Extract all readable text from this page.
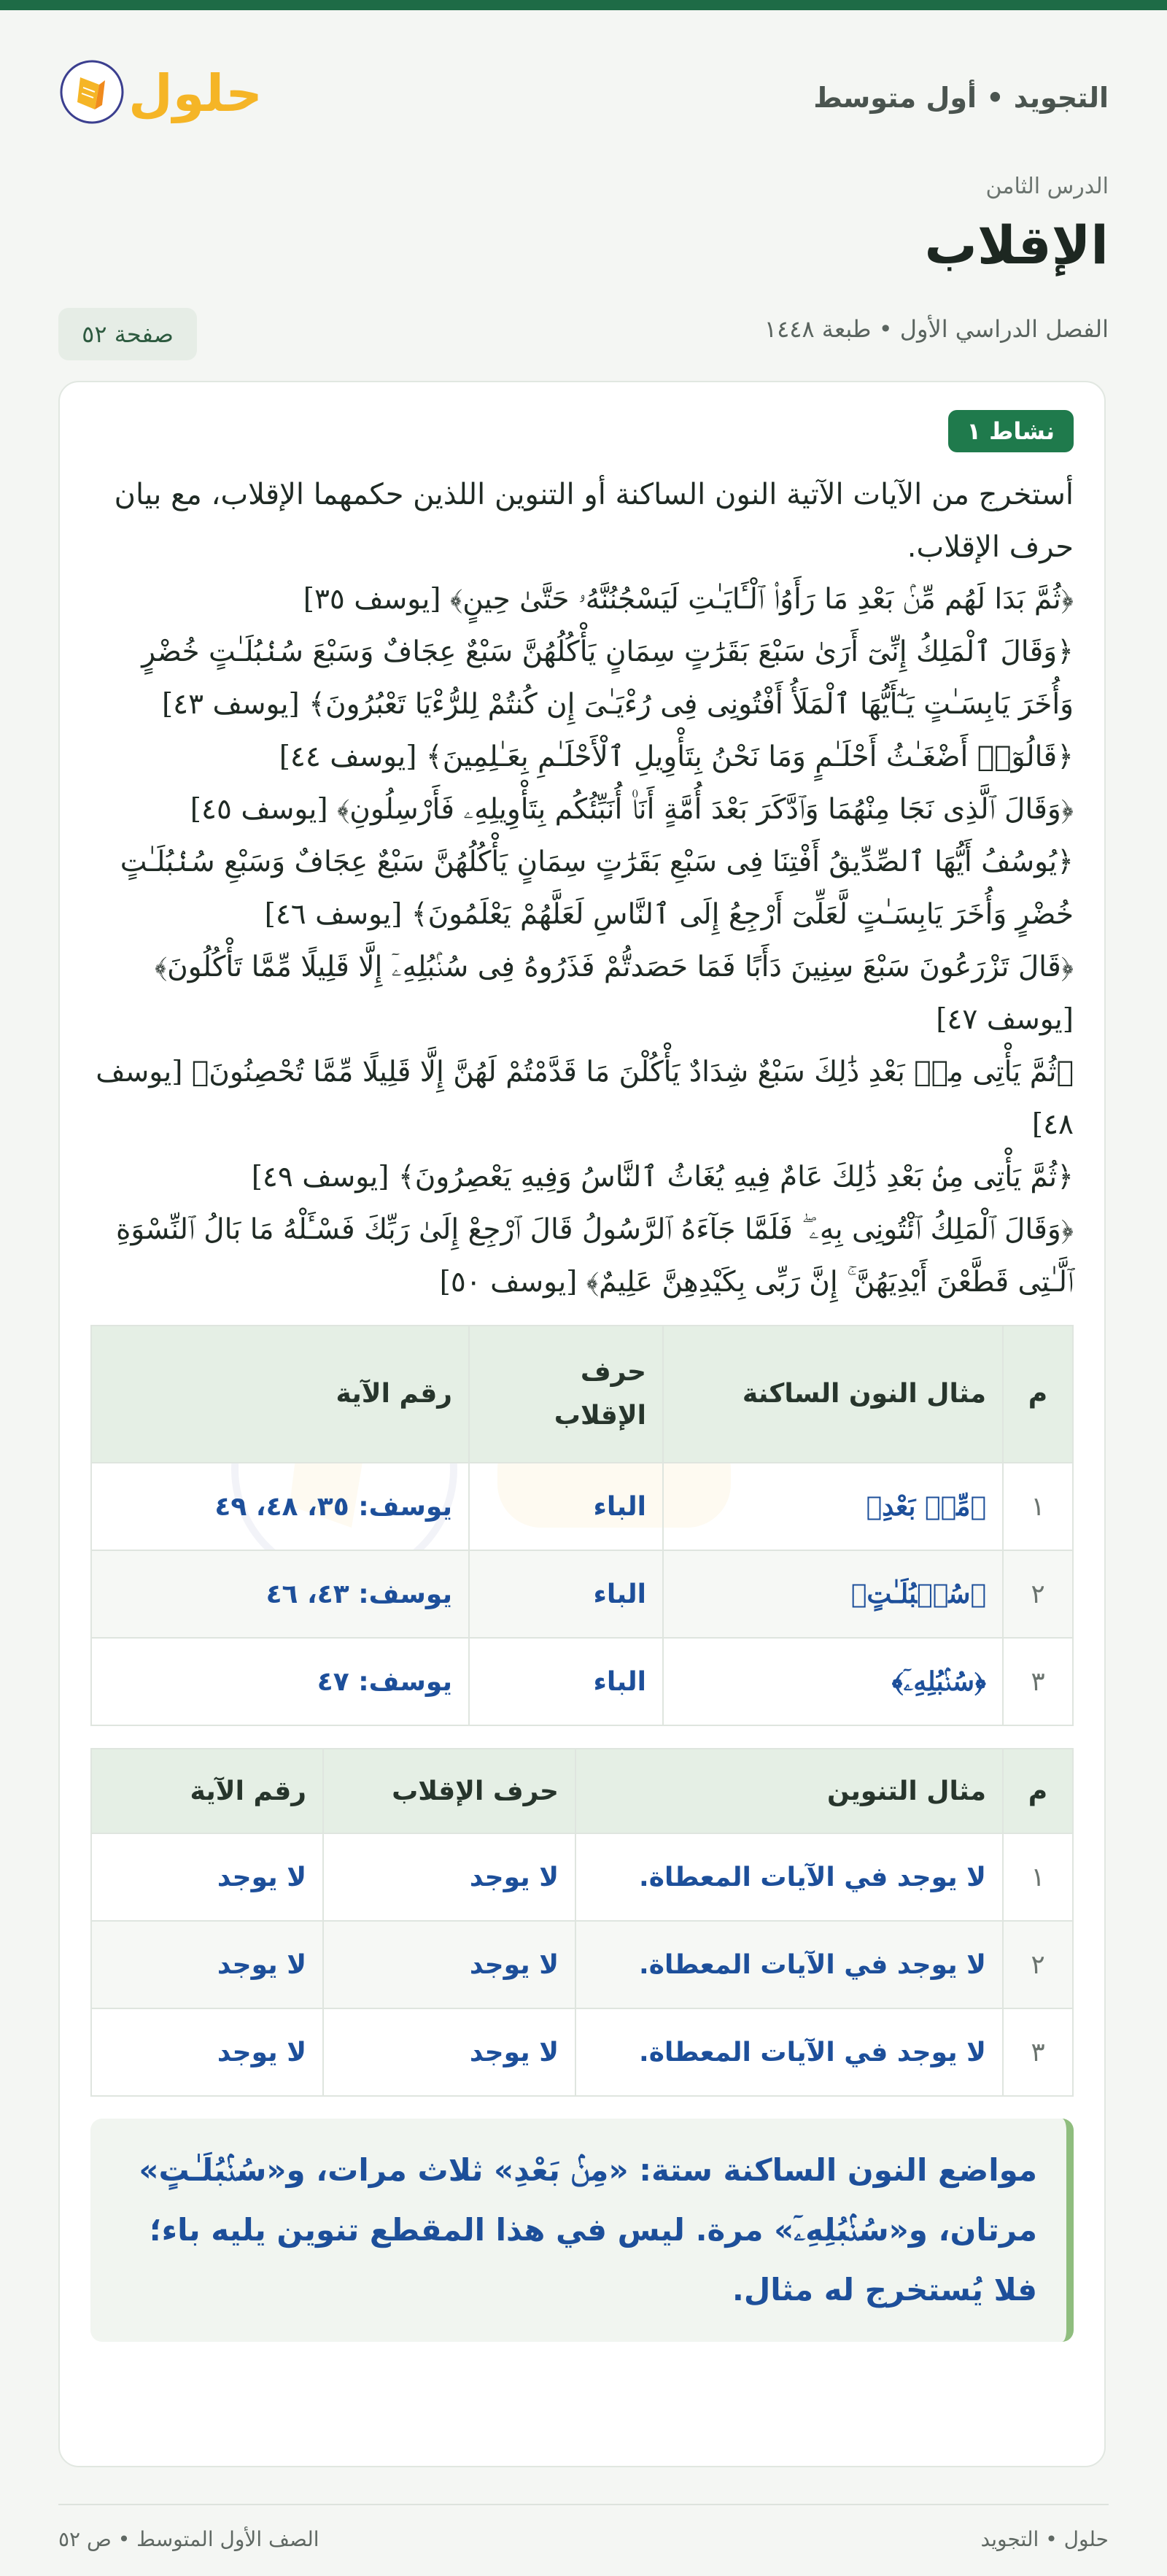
التجويد • أول متوسط
حلول
الدرس الثامن
الإقلاب
الفصل الدراسي الأول • طبعة ١٤٤٨
صفحة ٥٢
نشاط ١
أستخرج من الآيات الآتية النون الساكنة أو التنوين اللذين حكمهما الإقلاب، مع بيان حرف الإقلاب.

﴿ثُمَّ بَدَا لَهُم مِّنۢ بَعْدِ مَا رَأَوُا۟ ٱلْـَٔايَـٰتِ لَيَسْجُنُنَّهُۥ حَتَّىٰ حِينٍ﴾ [يوسف ٣٥]

﴿وَقَالَ ٱلْمَلِكُ إِنِّىٓ أَرَىٰ سَبْعَ بَقَرَٰتٍ سِمَانٍ يَأْكُلُهُنَّ سَبْعٌ عِجَافٌ وَسَبْعَ سُنۢبُلَـٰتٍ خُضْرٍ وَأُخَرَ يَابِسَـٰتٍ يَـٰٓأَيُّهَا ٱلْمَلَأُ أَفْتُونِى فِى رُءْيَـٰىَ إِن كُنتُمْ لِلرُّءْيَا تَعْبُرُونَ﴾ [يوسف ٤٣]

﴿قَالُوٓا۟ أَضْغَـٰثُ أَحْلَـٰمٍ وَمَا نَحْنُ بِتَأْوِيلِ ٱلْأَحْلَـٰمِ بِعَـٰلِمِينَ﴾ [يوسف ٤٤]

﴿وَقَالَ ٱلَّذِى نَجَا مِنْهُمَا وَٱدَّكَرَ بَعْدَ أُمَّةٍ أَنَا۠ أُنَبِّئُكُم بِتَأْوِيلِهِۦ فَأَرْسِلُونِ﴾ [يوسف ٤٥]

﴿يُوسُفُ أَيُّهَا ٱلصِّدِّيقُ أَفْتِنَا فِى سَبْعِ بَقَرَٰتٍ سِمَانٍ يَأْكُلُهُنَّ سَبْعٌ عِجَافٌ وَسَبْعِ سُنۢبُلَـٰتٍ خُضْرٍ وَأُخَرَ يَابِسَـٰتٍ لَّعَلِّىٓ أَرْجِعُ إِلَى ٱلنَّاسِ لَعَلَّهُمْ يَعْلَمُونَ﴾ [يوسف ٤٦]

﴿قَالَ تَزْرَعُونَ سَبْعَ سِنِينَ دَأَبًا فَمَا حَصَدتُّمْ فَذَرُوهُ فِى سُنۢبُلِهِۦٓ إِلَّا قَلِيلًا مِّمَّا تَأْكُلُونَ﴾ [يوسف ٤٧]

﴿ثُمَّ يَأْتِى مِنۢ بَعْدِ ذَٰلِكَ سَبْعٌ شِدَادٌ يَأْكُلْنَ مَا قَدَّمْتُمْ لَهُنَّ إِلَّا قَلِيلًا مِّمَّا تُحْصِنُونَ﴾ [يوسف ٤٨]

﴿ثُمَّ يَأْتِى مِنۢ بَعْدِ ذَٰلِكَ عَامٌ فِيهِ يُغَاثُ ٱلنَّاسُ وَفِيهِ يَعْصِرُونَ﴾ [يوسف ٤٩]

﴿وَقَالَ ٱلْمَلِكُ ٱئْتُونِى بِهِۦ ۖ فَلَمَّا جَآءَهُ ٱلرَّسُولُ قَالَ ٱرْجِعْ إِلَىٰ رَبِّكَ فَسْـَٔلْهُ مَا بَالُ ٱلنِّسْوَةِ ٱلَّـٰتِى قَطَّعْنَ أَيْدِيَهُنَّ ۚ إِنَّ رَبِّى بِكَيْدِهِنَّ عَلِيمٌ﴾ [يوسف ٥٠]

م	مثال النون الساكنة	حرف الإقلاب	رقم الآية
١	﴿مِّنۢ بَعْدِ﴾	الباء	يوسف: ٣٥، ٤٨، ٤٩
٢	﴿سُنۢبُلَـٰتٍ﴾	الباء	يوسف: ٤٣، ٤٦
٣	﴿سُنۢبُلِهِۦٓ﴾	الباء	يوسف: ٤٧
م	مثال التنوين	حرف الإقلاب	رقم الآية
١	لا يوجد في الآيات المعطاة.	لا يوجد	لا يوجد
٢	لا يوجد في الآيات المعطاة.	لا يوجد	لا يوجد
٣	لا يوجد في الآيات المعطاة.	لا يوجد	لا يوجد
مواضع النون الساكنة ستة: «مِنۢ بَعْدِ» ثلاث مرات، و«سُنۢبُلَـٰتٍ» مرتان، و«سُنۢبُلِهِۦٓ» مرة. ليس في هذا المقطع تنوين يليه باء؛ فلا يُستخرج له مثال.
حلول • التجويد
الصف الأول المتوسط • ص ٥٢
